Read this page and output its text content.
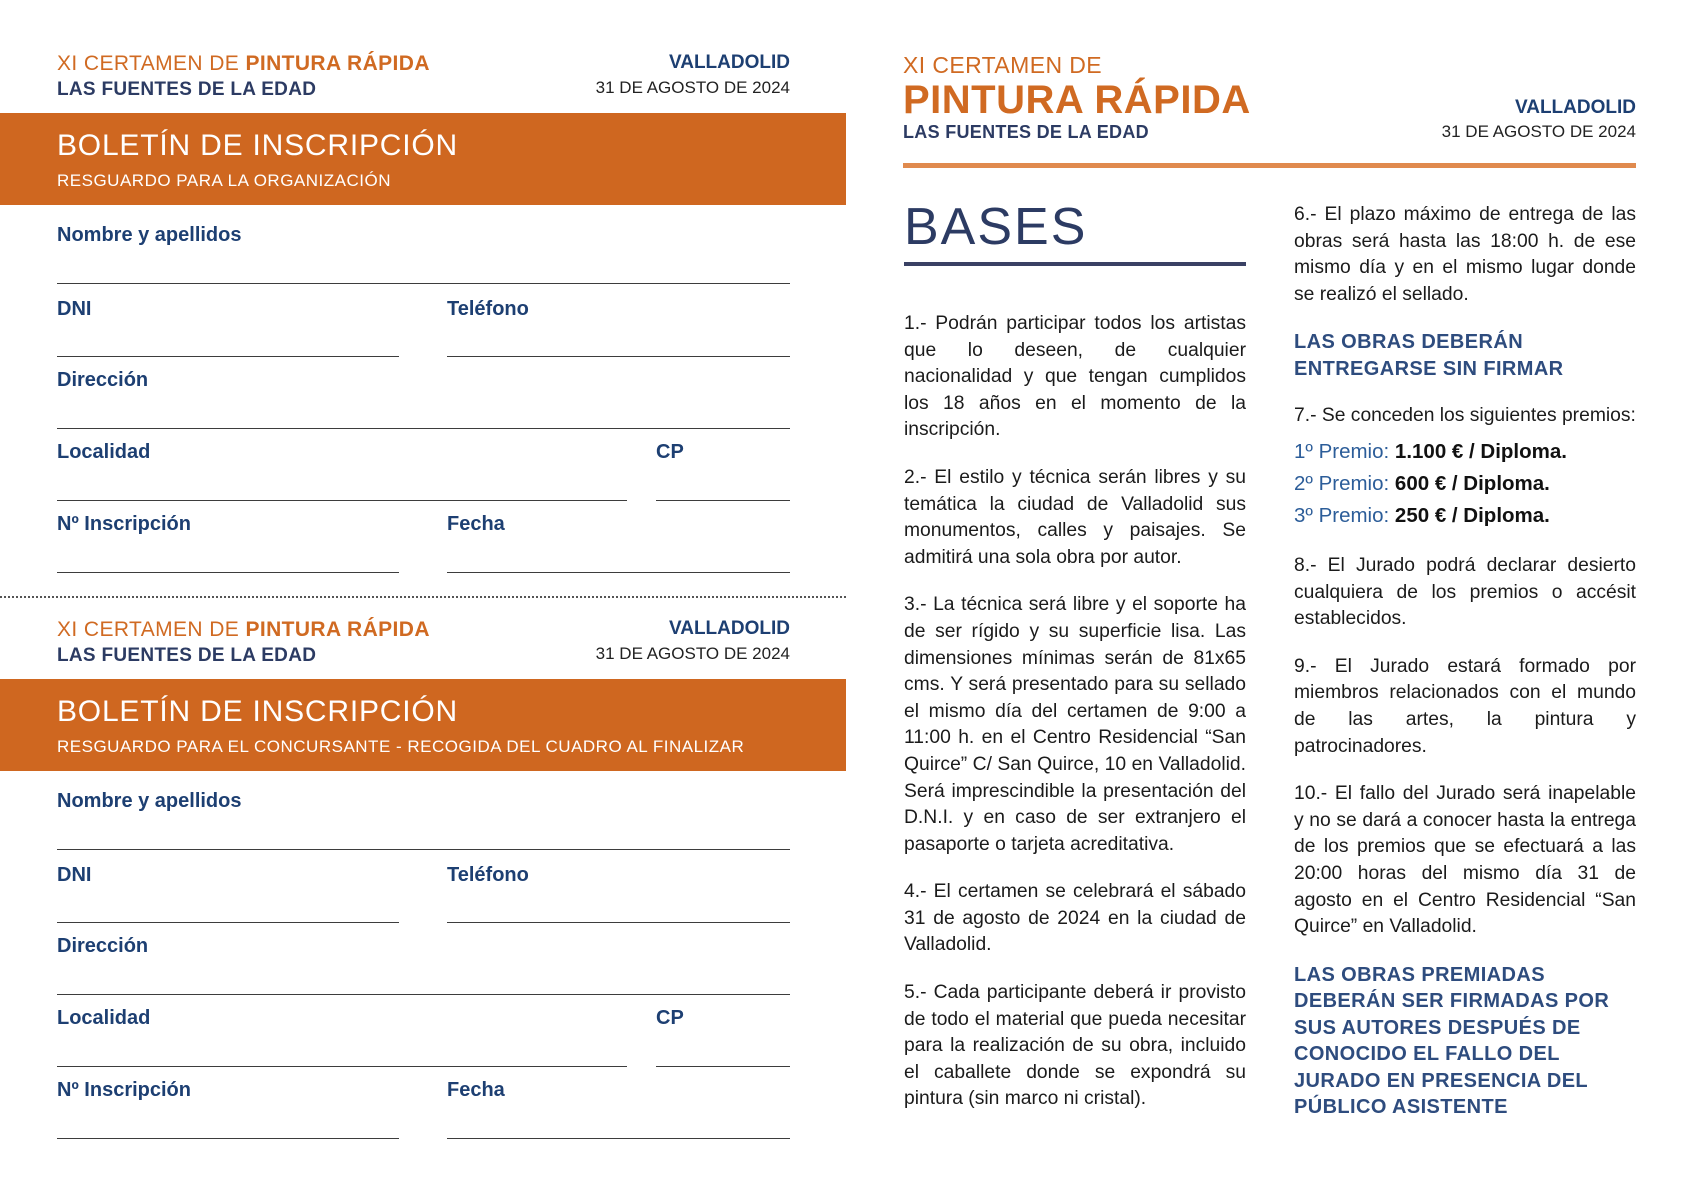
XI CERTAMEN DE PINTURA RÁPIDA
LAS FUENTES DE LA EDAD
VALLADOLID
31 DE AGOSTO DE 2024
BOLETÍN DE INSCRIPCIÓN
RESGUARDO PARA LA ORGANIZACIÓN
Nombre y apellidos
DNI	Teléfono
Dirección
Localidad	CP
Nº Inscripción	Fecha
XI CERTAMEN DE PINTURA RÁPIDA
LAS FUENTES DE LA EDAD
VALLADOLID
31 DE AGOSTO DE 2024
BOLETÍN DE INSCRIPCIÓN
RESGUARDO PARA EL CONCURSANTE - RECOGIDA DEL CUADRO AL FINALIZAR
Nombre y apellidos
DNI	Teléfono
Dirección
Localidad	CP
Nº Inscripción	Fecha
XI CERTAMEN DE
PINTURA RÁPIDA
LAS FUENTES DE LA EDAD
VALLADOLID
31 DE AGOSTO DE 2024
BASES

1.- Podrán participar todos los artistas que lo deseen, de cualquier nacionalidad y que tengan cumplidos los 18 años en el momento de la inscripción.

2.- El estilo y técnica serán libres y su temática la ciudad de Valladolid sus monumentos, calles y paisajes. Se admitirá una sola obra por autor.

3.- La técnica será libre y el soporte ha de ser rígido y su superficie lisa. Las dimensiones mínimas serán de 81x65 cms. Y será presentado para su sellado el mismo día del certamen de 9:00 a 11:00 h. en el Centro Residencial “San Quirce” C/ San Quirce, 10 en Valladolid. Será imprescindible la presentación del D.N.I. y en caso de ser extranjero el pasaporte o tarjeta acreditativa.

4.- El certamen se celebrará el sábado 31 de agosto de 2024 en la ciudad de Valladolid.

5.- Cada participante deberá ir provisto de todo el material que pueda necesitar para la realización de su obra, incluido el caballete donde se expondrá su pintura (sin marco ni cristal).

6.- El plazo máximo de entrega de las obras será hasta las 18:00 h. de ese mismo día y en el mismo lugar donde se realizó el sellado.

LAS OBRAS DEBERÁN ENTREGARSE SIN FIRMAR

7.- Se conceden los siguientes premios:

1º Premio: 1.100 € / Diploma.
2º Premio: 600 € / Diploma.
3º Premio: 250 € / Diploma.

8.- El Jurado podrá declarar desierto cualquiera de los premios o accésit establecidos.

9.- El Jurado estará formado por miembros relacionados con el mundo de las artes, la pintura y patrocinadores.

10.- El fallo del Jurado será inapelable y no se dará a conocer hasta la entrega de los premios que se efectuará a las 20:00 horas del mismo día 31 de agosto en el Centro Residencial “San Quirce” en Valladolid.

LAS OBRAS PREMIADAS DEBERÁN SER FIRMADAS POR SUS AUTORES DESPUÉS DE CONOCIDO EL FALLO DEL JURADO EN PRESENCIA DEL PÚBLICO ASISTENTE
